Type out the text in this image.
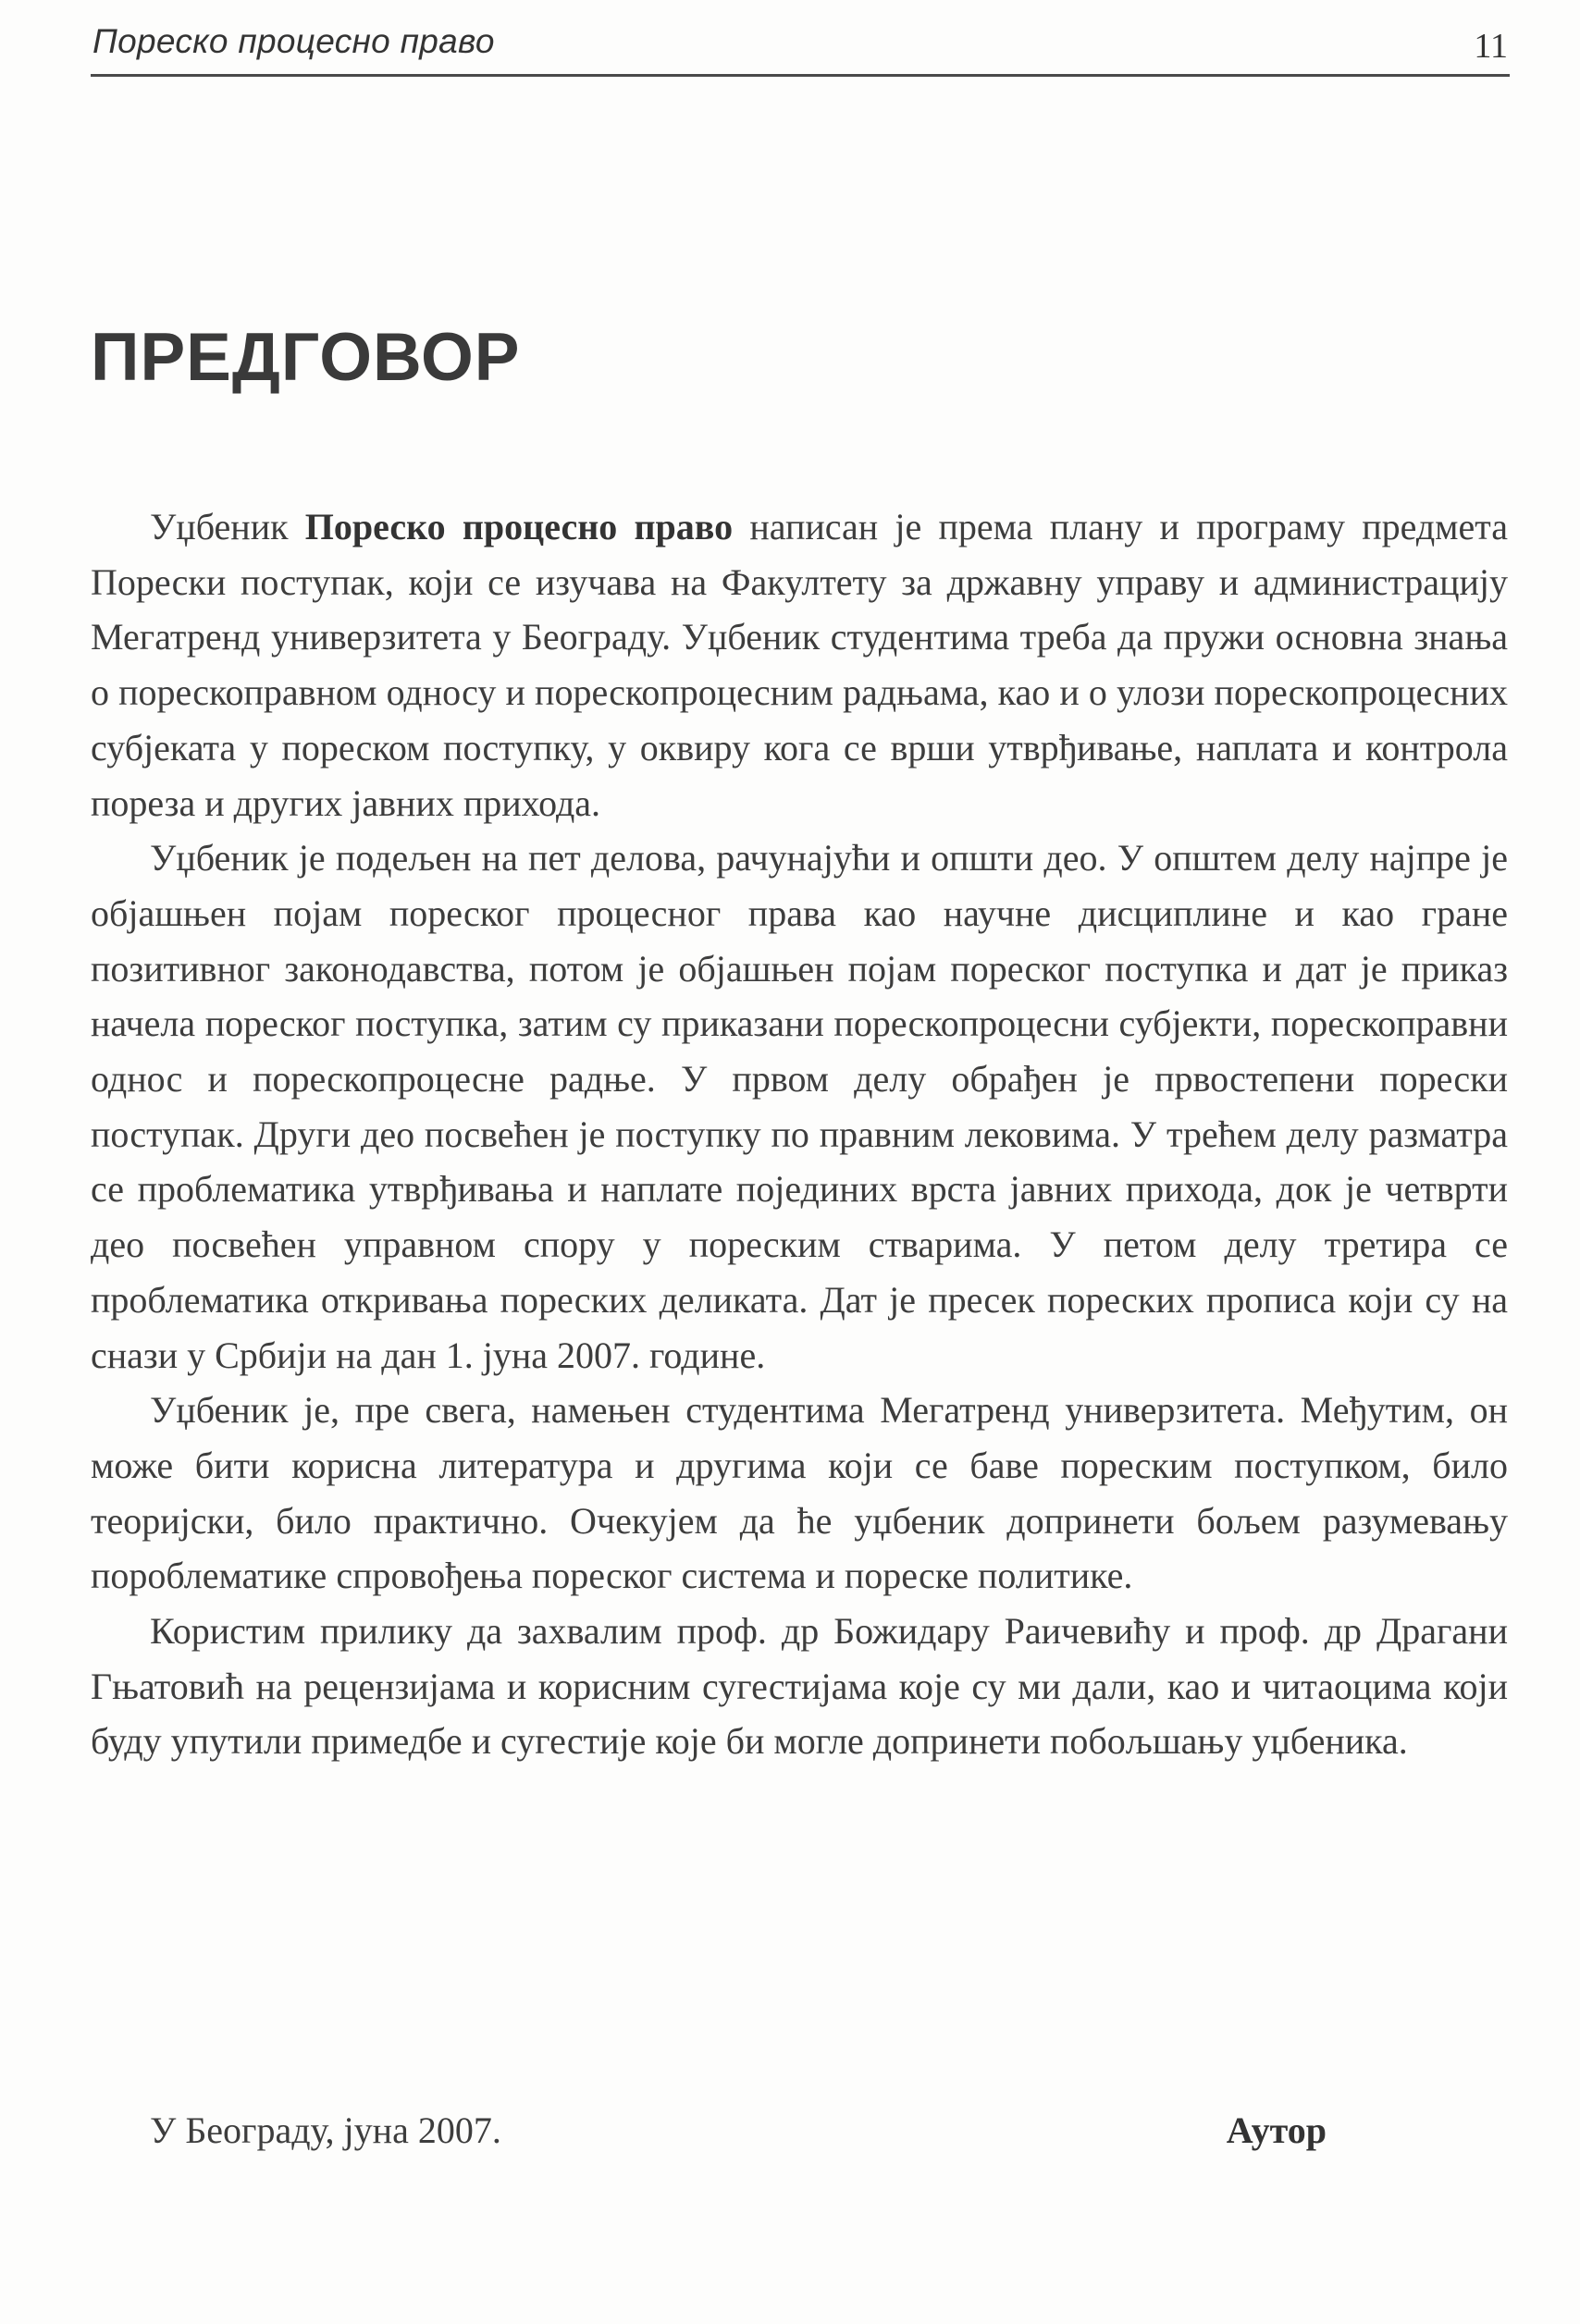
Пореско процесно право	11
ПРЕДГОВОР

Уџбеник Пореско процесно право написан је према плану и програму предмета Порески поступак, који се изучава на Факултету за државну управу и администрацију Мегатренд универзитета у Београду. Уџбеник студентима треба да пружи основна знања о порескоправном односу и порескопроцесним радњама, као и о улози порескопроцесних субјеката у пореском поступку, у оквиру кога се врши утврђивање, наплата и контрола пореза и других јавних прихода.

Уџбеник је подељен на пет делова, рачунајући и општи део. У општем делу најпре је објашњен појам пореског процесног права као научне дисциплине и као гране позитивног законодавства, потом је објашњен појам пореског поступка и дат је приказ начела пореског поступка, затим су приказани порескопроцесни субјекти, порескоправни однос и порескопроцесне радње. У првом делу обрађен је првостепени порески поступак. Други део посвећен је поступку по правним лековима. У трећем делу разматра се проблематика утврђивања и наплате појединих врста јавних прихода, док је четврти део посвећен управном спору у пореским стварима. У петом делу третира се проблематика откривања пореских деликата. Дат је пресек пореских прописа који су на снази у Србији на дан 1. јуна 2007. године.

Уџбеник је, пре свега, намењен студентима Мегатренд универзитета. Међутим, он може бити корисна литература и другима који се баве пореским поступком, било теоријски, било практично. Очекујем да ће уџбеник допринети бољем разумевању пороблематике спровођења пореског система и пореске политике.

Користим прилику да захвалим проф. др Божидару Раичевићу и проф. др Драгани Гњатовић на рецензијама и корисним сугестијама које су ми дали, као и читаоцима који буду упутили примедбе и сугестије које би могле допринети побољшању уџбеника.

У Београду, јуна 2007.	Аутор
